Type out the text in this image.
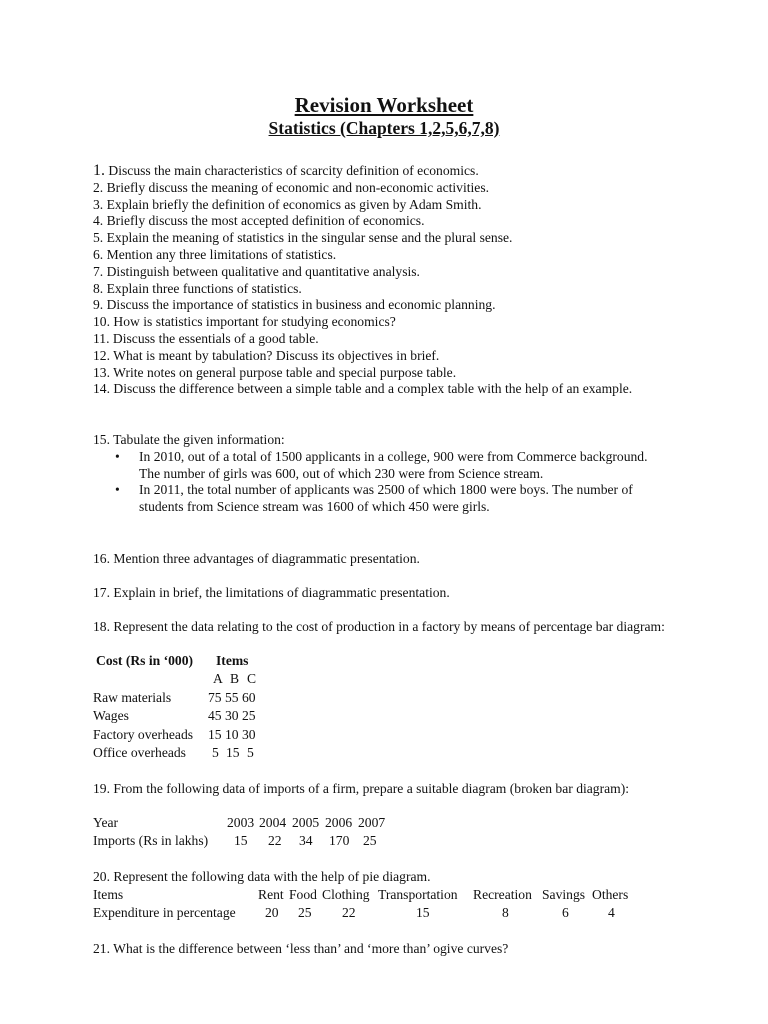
Revision Worksheet
Statistics (Chapters 1,2,5,6,7,8)

1. Discuss the main characteristics of scarcity definition of economics.

2. Briefly discuss the meaning of economic and non-economic activities.

3. Explain briefly the definition of economics as given by Adam Smith.

4. Briefly discuss the most accepted definition of economics.

5. Explain the meaning of statistics in the singular sense and the plural sense.

6. Mention any three limitations of statistics.

7. Distinguish between qualitative and quantitative analysis.

8. Explain three functions of statistics.

9. Discuss the importance of statistics in business and economic planning.

10. How is statistics important for studying economics?

11. Discuss the essentials of a good table.

12. What is meant by tabulation? Discuss its objectives in brief.

13. Write notes on general purpose table and special purpose table.

14. Discuss the difference between a simple table and a complex table with the help of an example.

15. Tabulate the given information:

• In 2010, out of a total of 1500 applicants in a college, 900 were from Commerce background. The number of girls was 600, out of which 230 were from Science stream.
• In 2011, the total number of applicants was 2500 of which 1800 were boys. The number of students from Science stream was 1600 of which 450 were girls.
16. Mention three advantages of diagrammatic presentation.
17. Explain in brief, the limitations of diagrammatic presentation.
18. Represent the data relating to the cost of production in a factory by means of percentage bar diagram:
Cost (Rs in ‘000) Items
A B C
Raw materials	75 55 60
Wages	45 30 25
Factory overheads 15 10 30
Office overheads 5 15 5
19. From the following data of imports of a firm, prepare a suitable diagram (broken bar diagram):
Year	2003 2004 2005 2006 2007
Imports (Rs in lakhs) 15 22 34 170 25
20. Represent the following data with the help of pie diagram.
Items	Rent Food Clothing Transportation Recreation Savings Others
Expenditure in percentage 20 25 22	15	8	6	4
21. What is the difference between ‘less than’ and ‘more than’ ogive curves?
